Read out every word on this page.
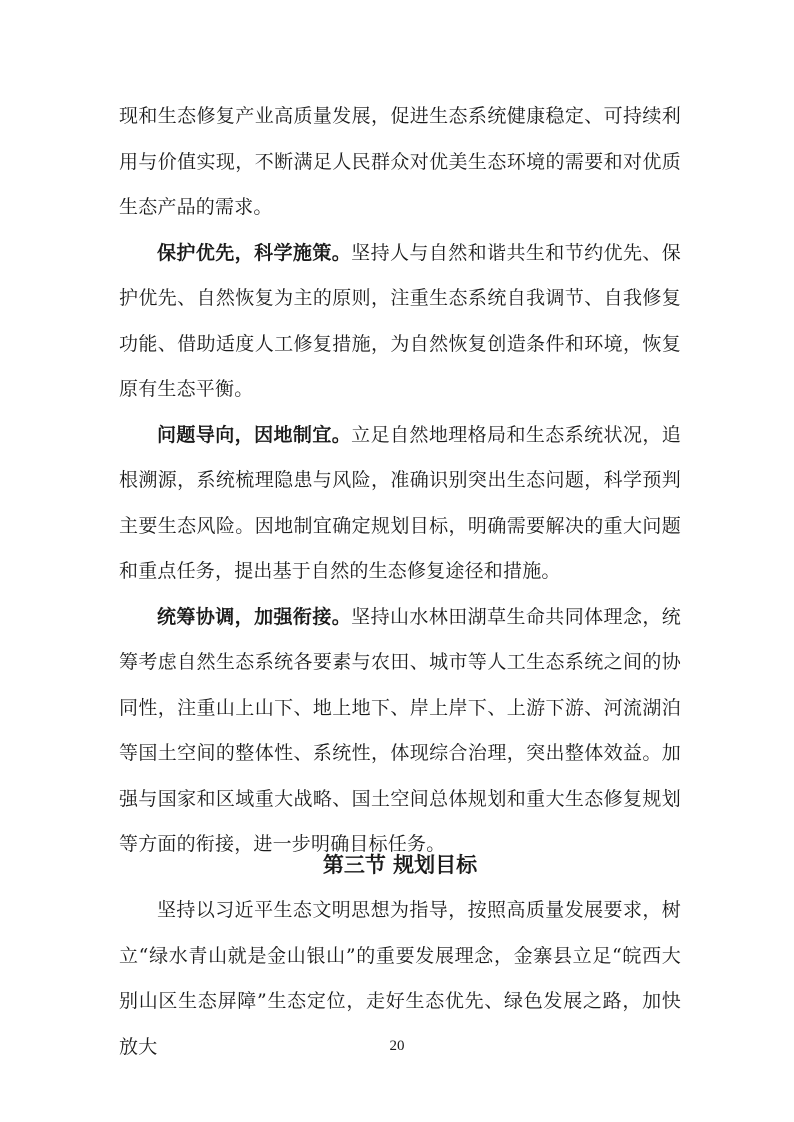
现和生态修复产业高质量发展，促进生态系统健康稳定、可持续利用与价值实现，不断满足人民群众对优美生态环境的需要和对优质生态产品的需求。

保护优先，科学施策。坚持人与自然和谐共生和节约优先、保护优先、自然恢复为主的原则，注重生态系统自我调节、自我修复功能、借助适度人工修复措施，为自然恢复创造条件和环境，恢复原有生态平衡。

问题导向，因地制宜。立足自然地理格局和生态系统状况，追根溯源，系统梳理隐患与风险，准确识别突出生态问题，科学预判主要生态风险。因地制宜确定规划目标，明确需要解决的重大问题和重点任务，提出基于自然的生态修复途径和措施。

统筹协调，加强衔接。坚持山水林田湖草生命共同体理念，统筹考虑自然生态系统各要素与农田、城市等人工生态系统之间的协同性，注重山上山下、地上地下、岸上岸下、上游下游、河流湖泊等国土空间的整体性、系统性，体现综合治理，突出整体效益。加强与国家和区域重大战略、国土空间总体规划和重大生态修复规划等方面的衔接，进一步明确目标任务。

第三节 规划目标

坚持以习近平生态文明思想为指导，按照高质量发展要求，树立“绿水青山就是金山银山”的重要发展理念，金寨县立足“皖西大别山区生态屏障”生态定位，走好生态优先、绿色发展之路，加快放大	20
